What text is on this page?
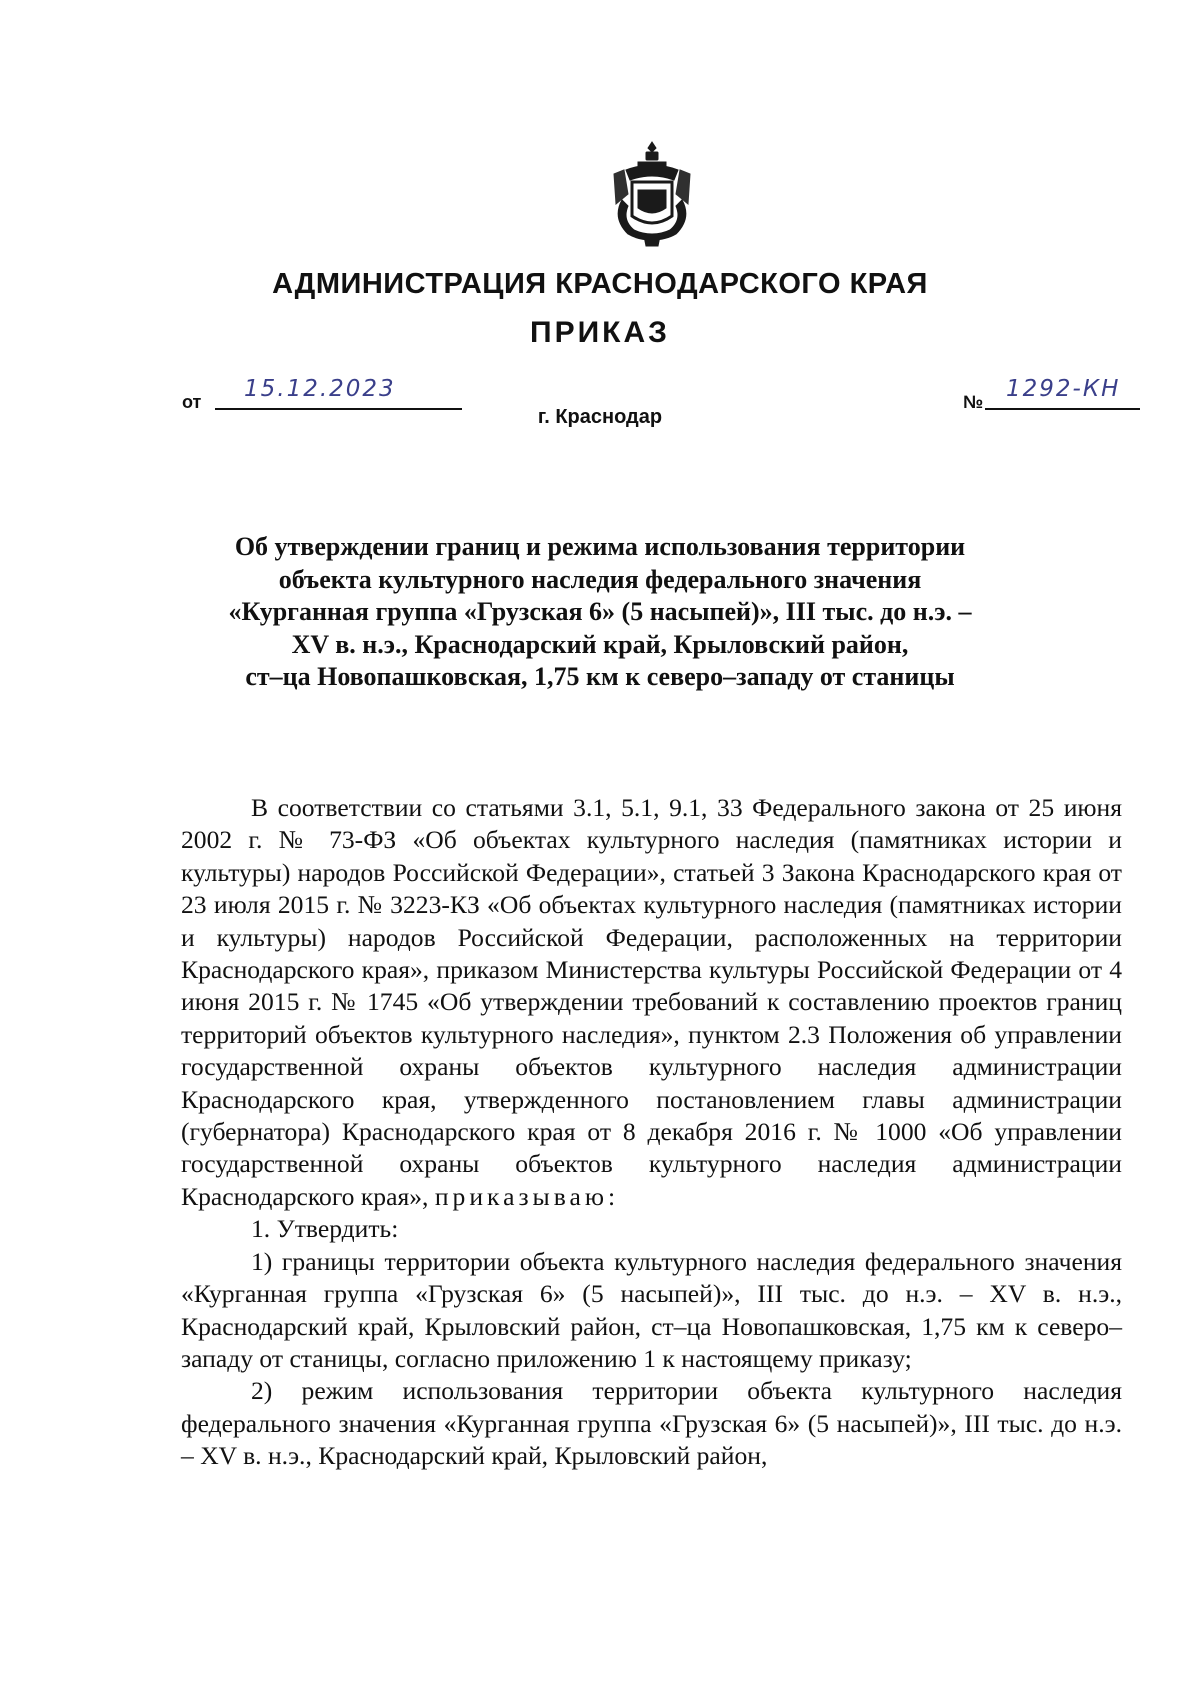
АДМИНИСТРАЦИЯ КРАСНОДАРСКОГО КРАЯ
ПРИКАЗ
от 15.12.2023	№ 1292-КН
г. Краснодар
Об утверждении границ и режима использования территории
объекта культурного наследия федерального значения
«Курганная группа «Грузская 6» (5 насыпей)», III тыс. до н.э. –
XV в. н.э., Краснодарский край, Крыловский район,
ст–ца Новопашковская, 1,75 км к северо–западу от станицы

В соответствии со статьями 3.1, 5.1, 9.1, 33 Федерального закона от 25 июня 2002 г. № 73-ФЗ «Об объектах культурного наследия (памятниках истории и культуры) народов Российской Федерации», статьей 3 Закона Краснодарского края от 23 июля 2015 г. № 3223-КЗ «Об объектах культурного наследия (памятниках истории и культуры) народов Российской Федерации, расположенных на территории Краснодарского края», приказом Министерства культуры Российской Федерации от 4 июня 2015 г. № 1745 «Об утверждении требований к составлению проектов границ территорий объектов культурного наследия», пунктом 2.3 Положения об управлении государственной охраны объектов культурного наследия администрации Краснодарского края, утвержденного постановлением главы администрации (губернатора) Краснодарского края от 8 декабря 2016 г. № 1000 «Об управлении государственной охраны объектов культурного наследия администрации Краснодарского края», приказываю:

1. Утвердить:

1) границы территории объекта культурного наследия федерального значения «Курганная группа «Грузская 6» (5 насыпей)», III тыс. до н.э. – XV в. н.э., Краснодарский край, Крыловский район, ст–ца Новопашковская, 1,75 км к северо–западу от станицы, согласно приложению 1 к настоящему приказу;

2) режим использования территории объекта культурного наследия федерального значения «Курганная группа «Грузская 6» (5 насыпей)», III тыс. до н.э. – XV в. н.э., Краснодарский край, Крыловский район,
